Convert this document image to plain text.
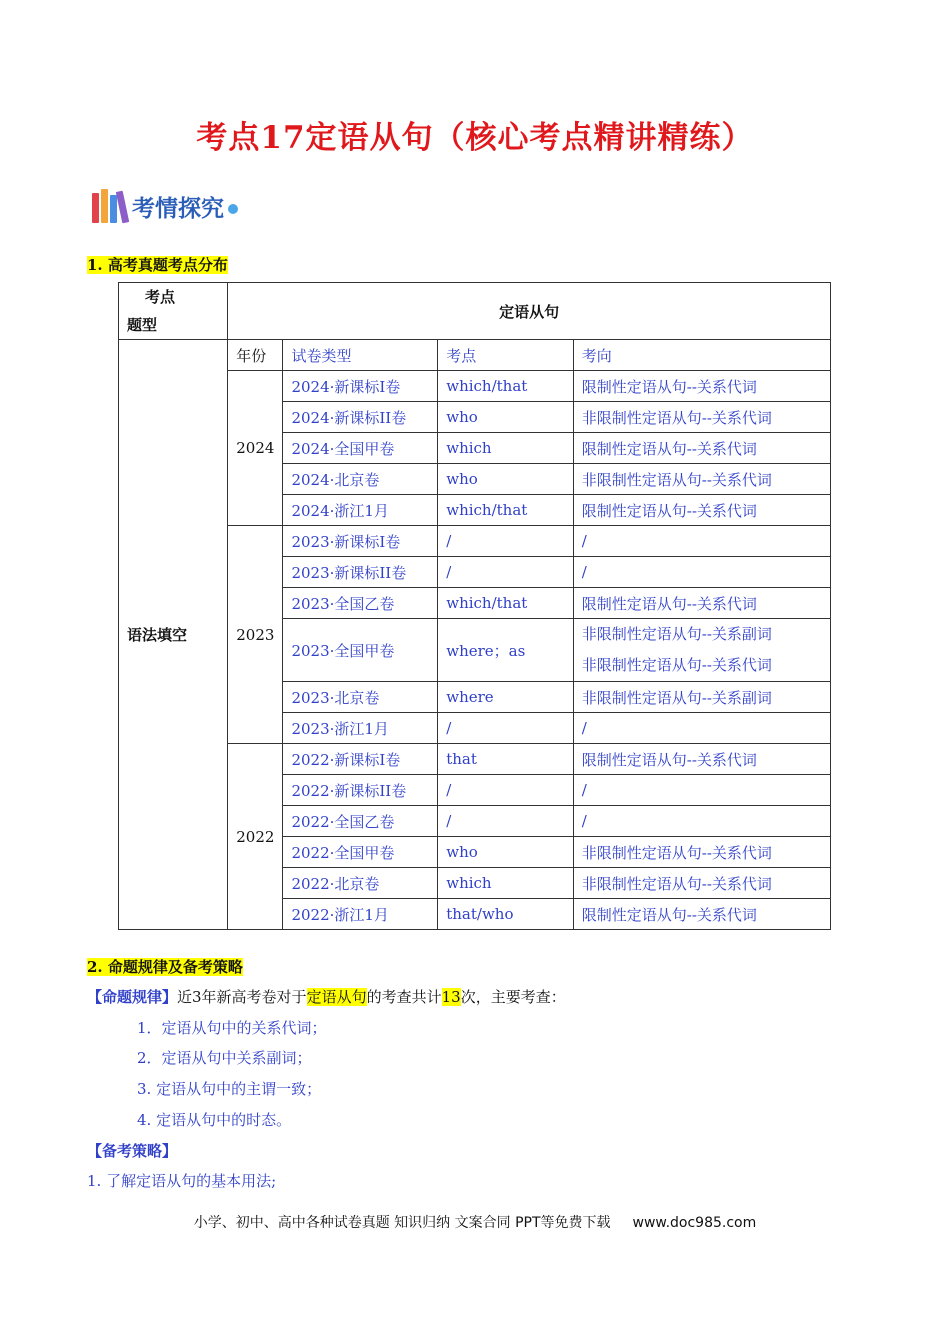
考点17定语从句（核心考点精讲精练）
考情探究
1. 高考真题考点分布
考点
题型	定语从句			
语法填空	年份	试卷类型	考点	考向
	2024	2024·新课标I卷	which/that	限制性定语从句--关系代词

		2024·新课标II卷	who	非限制性定语从句--关系代词

		2024·全国甲卷	which	限制性定语从句--关系代词

		2024·北京卷	who	非限制性定语从句--关系代词

		2024·浙江1月	which/that	限制性定语从句--关系代词

	2023	2023·新课标I卷	/	/

		2023·新课标II卷	/	/

		2023·全国乙卷	which/that	限制性定语从句--关系代词

		2023·全国甲卷	where；as	非限制性定语从句--关系副词
非限制性定语从句--关系代词

		2023·北京卷	where	非限制性定语从句--关系副词

		2023·浙江1月	/	/

	2022	2022·新课标I卷	that	限制性定语从句--关系代词

		2022·新课标II卷	/	/

		2022·全国乙卷	/	/

		2022·全国甲卷	who	非限制性定语从句--关系代词

		2022·北京卷	which	非限制性定语从句--关系代词

		2022·浙江1月	that/who	限制性定语从句--关系代词
2. 命题规律及备考策略
【命题规律】近3年新高考卷对于定语从句的考查共计13次，主要考查：
1．定语从句中的关系代词；
2．定语从句中关系副词；
3. 定语从句中的主谓一致；
4. 定语从句中的时态。
【备考策略】
1. 了解定语从句的基本用法;
小学、初中、高中各种试卷真题 知识归纳 文案合同 PPT等免费下载 www.doc985.com
